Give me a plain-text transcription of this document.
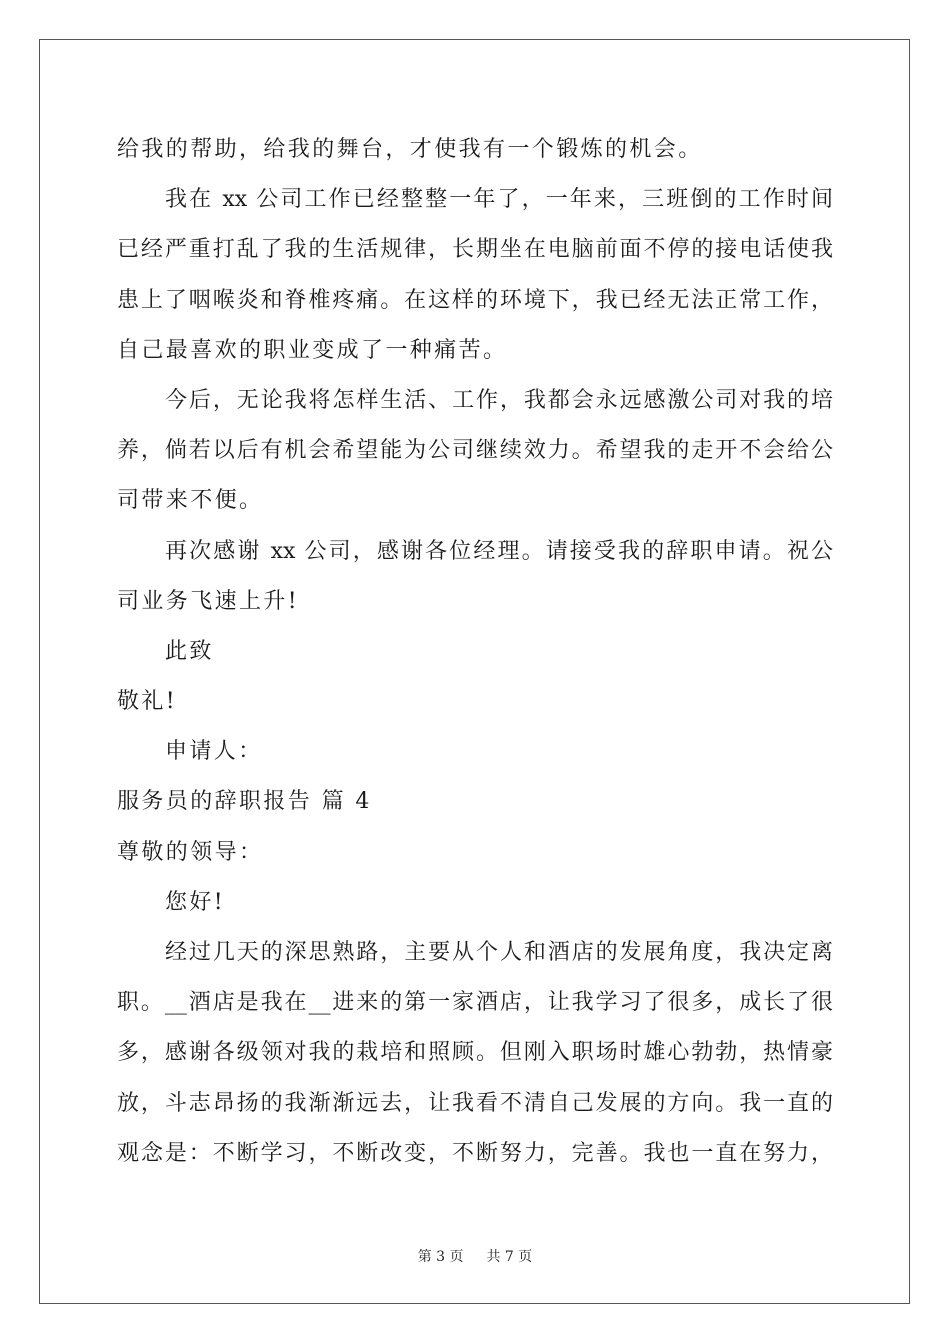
给我的帮助，给我的舞台，才使我有一个锻炼的机会。
我在 xx 公司工作已经整整一年了，一年来，三班倒的工作时间
已经严重打乱了我的生活规律，长期坐在电脑前面不停的接电话使我
患上了咽喉炎和脊椎疼痛。在这样的环境下，我已经无法正常工作，
自己最喜欢的职业变成了一种痛苦。
今后，无论我将怎样生活、工作，我都会永远感激公司对我的培
养，倘若以后有机会希望能为公司继续效力。希望我的走开不会给公
司带来不便。
再次感谢 xx 公司，感谢各位经理。请接受我的辞职申请。祝公
司业务飞速上升!
此致
敬礼!
申请人：
服务员的辞职报告 篇 4
尊敬的领导：
您好!
经过几天的深思熟路，主要从个人和酒店的发展角度，我决定离
职。__酒店是我在__进来的第一家酒店，让我学习了很多，成长了很
多，感谢各级领对我的栽培和照顾。但刚入职场时雄心勃勃，热情豪
放，斗志昂扬的我渐渐远去，让我看不清自己发展的方向。我一直的
观念是：不断学习，不断改变，不断努力，完善。我也一直在努力，
第 3 页 共 7 页
